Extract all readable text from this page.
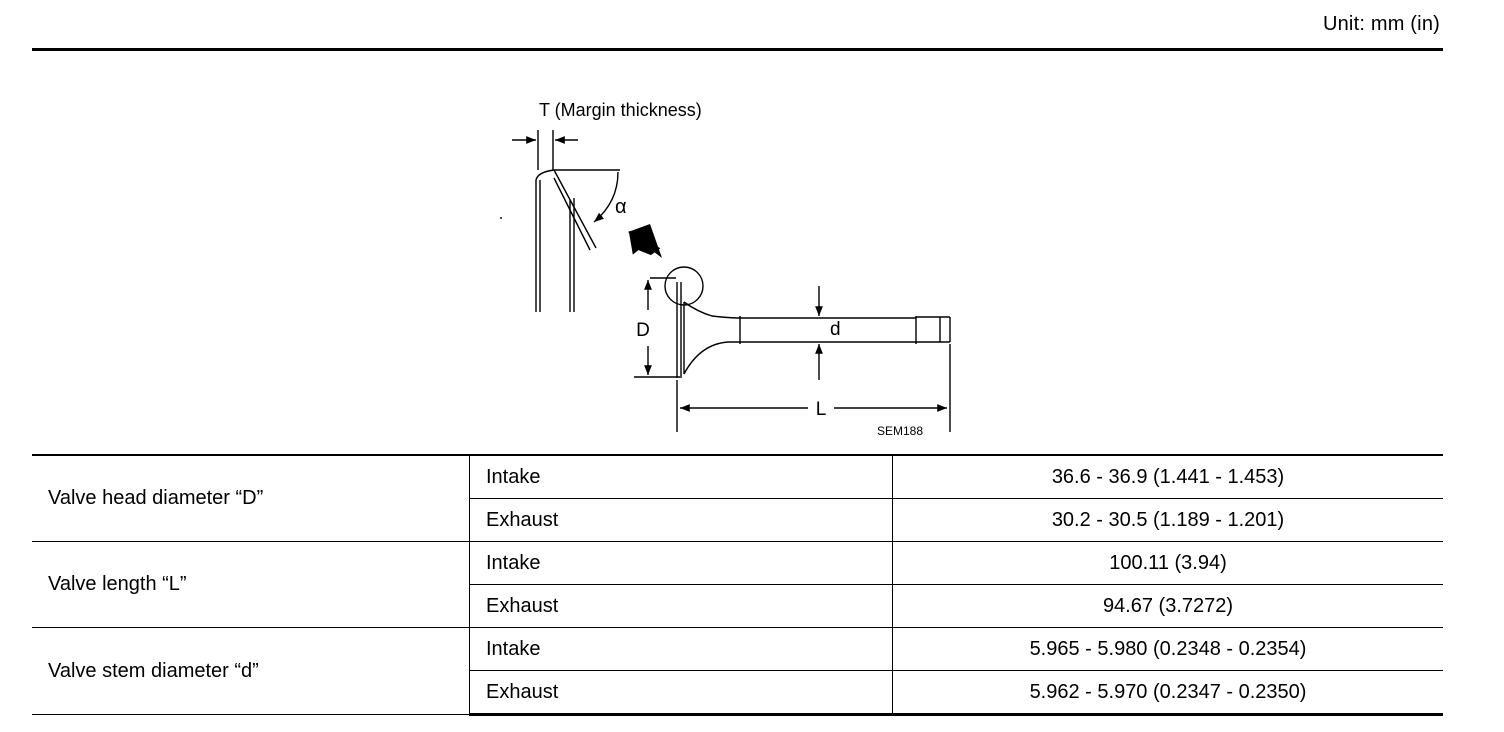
Unit: mm (in)
α
T (Margin thickness)
D	d
L
SEM188
Valve head diameter “D”	Intake	36.6 - 36.9 (1.441 - 1.453)
	Exhaust	30.2 - 30.5 (1.189 - 1.201)
Valve length “L”	Intake	100.11 (3.94)
	Exhaust	94.67 (3.7272)
Valve stem diameter “d”	Intake	5.965 - 5.980 (0.2348 - 0.2354)
	Exhaust	5.962 - 5.970 (0.2347 - 0.2350)
